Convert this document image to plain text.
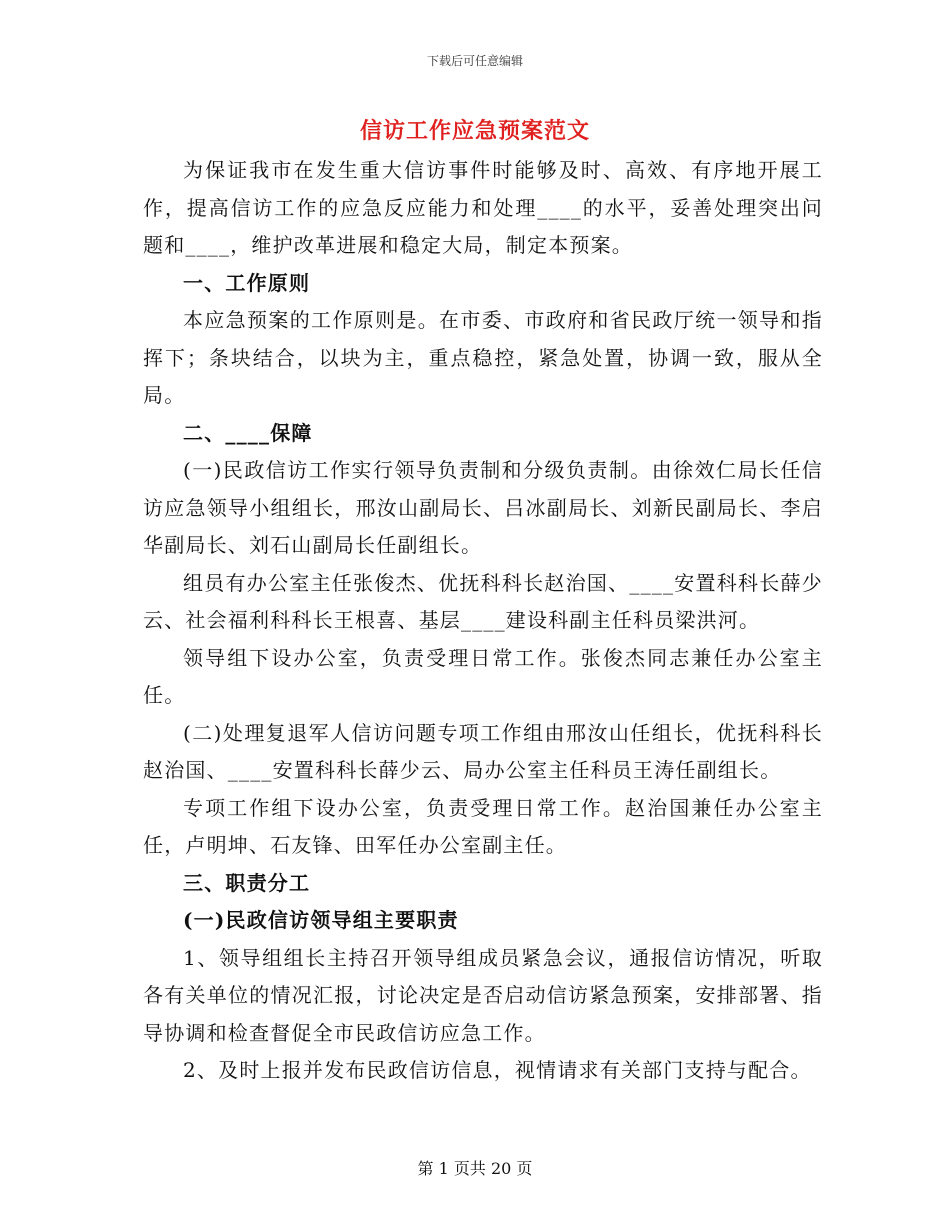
下载后可任意编辑
信访工作应急预案范文

为保证我市在发生重大信访事件时能够及时、高效、有序地开展工作，提高信访工作的应急反应能力和处理____的水平，妥善处理突出问题和____，维护改革进展和稳定大局，制定本预案。

一、工作原则

本应急预案的工作原则是。在市委、市政府和省民政厅统一领导和指挥下；条块结合，以块为主，重点稳控，紧急处置，协调一致，服从全局。

二、____保障

(一)民政信访工作实行领导负责制和分级负责制。由徐效仁局长任信访应急领导小组组长，邢汝山副局长、吕冰副局长、刘新民副局长、李启华副局长、刘石山副局长任副组长。

组员有办公室主任张俊杰、优抚科科长赵治国、____安置科科长薛少云、社会福利科科长王根喜、基层____建设科副主任科员梁洪河。

领导组下设办公室，负责受理日常工作。张俊杰同志兼任办公室主任。

(二)处理复退军人信访问题专项工作组由邢汝山任组长，优抚科科长赵治国、____安置科科长薛少云、局办公室主任科员王涛任副组长。

专项工作组下设办公室，负责受理日常工作。赵治国兼任办公室主任，卢明坤、石友锋、田军任办公室副主任。

三、职责分工

(一)民政信访领导组主要职责

1、领导组组长主持召开领导组成员紧急会议，通报信访情况，听取各有关单位的情况汇报，讨论决定是否启动信访紧急预案，安排部署、指导协调和检查督促全市民政信访应急工作。

2、及时上报并发布民政信访信息，视情请求有关部门支持与配合。

第 1 页共 20 页
